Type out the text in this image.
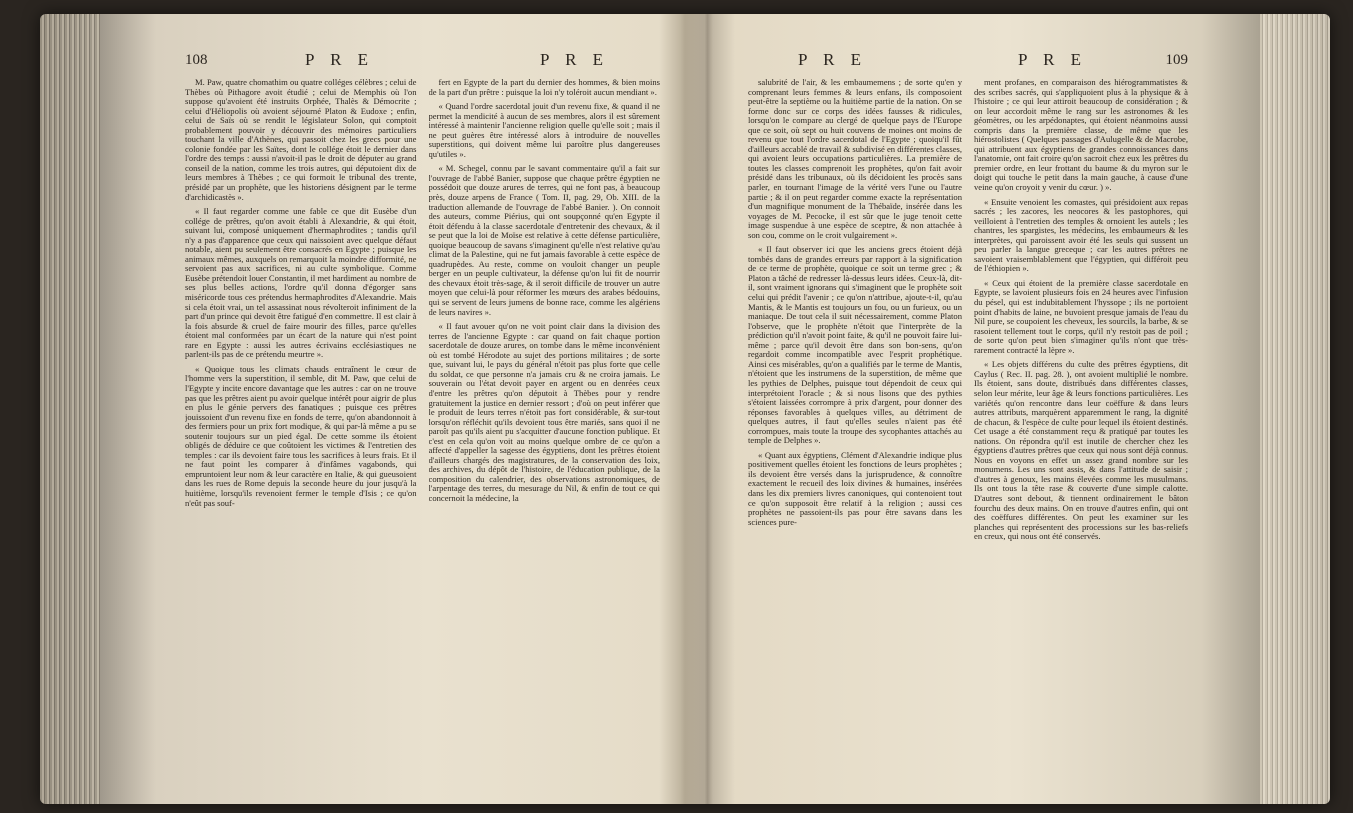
108	P R E	P R E

M. Paw, quatre chomathim ou quatre colléges célèbres ; celui de Thèbes où Pithagore avoit étudié ; celui de Memphis où l'on suppose qu'avoient été instruits Orphée, Thalès & Démocrite ; celui d'Héliopolis où avoient séjourné Platon & Eudoxe ; enfin, celui de Saïs où se rendit le législateur Solon, qui comptoit probablement pouvoir y découvrir des mémoires particuliers touchant la ville d'Athènes, qui passoit chez les grecs pour une colonie fondée par les Saïtes, dont le collége étoit le dernier dans l'ordre des temps : aussi n'avoit-il pas le droit de députer au grand conseil de la nation, comme les trois autres, qui députoient dix de leurs membres à Thèbes ; ce qui formoit le tribunal des trente, présidé par un prophète, que les historiens désignent par le terme d'archidicastès ».

« Il faut regarder comme une fable ce que dit Eusèbe d'un collége de prêtres, qu'on avoit établi à Alexandrie, & qui étoit, suivant lui, composé uniquement d'hermaphrodites ; tandis qu'il n'y a pas d'apparence que ceux qui naissoient avec quelque défaut notable, aient pu seulement être consacrés en Egypte ; puisque les animaux mêmes, auxquels on remarquoit la moindre difformité, ne servoient pas aux sacrifices, ni au culte symbolique. Comme Eusèbe prétendoit louer Constantin, il met hardiment au nombre de ses plus belles actions, l'ordre qu'il donna d'égorger sans miséricorde tous ces prétendus hermaphrodites d'Alexandrie. Mais si cela étoit vrai, un tel assassinat nous révolteroit infiniment de la part d'un prince qui devoit être fatigué d'en commettre. Il est clair à la fois absurde & cruel de faire mourir des filles, parce qu'elles étoient mal conformées par un écart de la nature qui n'est point rare en Egypte : aussi les autres écrivains ecclésiastiques ne parlent-ils pas de ce prétendu meurtre ».

« Quoique tous les climats chauds entraînent le cœur de l'homme vers la superstition, il semble, dit M. Paw, que celui de l'Egypte y incite encore davantage que les autres : car on ne trouve pas que les prêtres aient pu avoir quelque intérêt pour aigrir de plus en plus le génie pervers des fanatiques ; puisque ces prêtres jouissoient d'un revenu fixe en fonds de terre, qu'on abandonnoit à des fermiers pour un prix fort modique, & qui par-là même a pu se soutenir toujours sur un pied égal. De cette somme ils étoient obligés de déduire ce que coûtoient les victimes & l'entretien des temples : car ils devoient faire tous les sacrifices à leurs frais. Et il ne faut point les comparer à d'infâmes vagabonds, qui empruntoient leur nom & leur caractère en Italie, & qui gueusoient dans les rues de Rome depuis la seconde heure du jour jusqu'à la huitième, lorsqu'ils revenoient fermer le temple d'Isis ; ce qu'on n'eût pas souf-

fert en Egypte de la part du dernier des hommes, & bien moins de la part d'un prêtre : puisque la loi n'y toléroit aucun mendiant ».

« Quand l'ordre sacerdotal jouit d'un revenu fixe, & quand il ne permet la mendicité à aucun de ses membres, alors il est sûrement intéressé à maintenir l'ancienne religion quelle qu'elle soit ; mais il ne peut guères être intéressé alors à introduire de nouvelles superstitions, qui doivent même lui paroître plus dangereuses qu'utiles ».

« M. Schegel, connu par le savant commentaire qu'il a fait sur l'ouvrage de l'abbé Banier, suppose que chaque prêtre égyptien ne possédoit que douze arures de terres, qui ne font pas, à beaucoup près, douze arpens de France ( Tom. II, pag. 29, Ob. XIII. de la traduction allemande de l'ouvrage de l'abbé Banier. ). On connoit des auteurs, comme Piérius, qui ont soupçonné qu'en Egypte il étoit défendu à la classe sacerdotale d'entretenir des chevaux, & il se peut que la loi de Moïse est relative à cette défense particulière, quoique beaucoup de savans s'imaginent qu'elle n'est relative qu'au climat de la Palestine, qui ne fut jamais favorable à cette espèce de quadrupèdes. Au reste, comme on vouloit changer un peuple berger en un peuple cultivateur, la défense qu'on lui fit de nourrir des chevaux étoit très-sage, & il seroit difficile de trouver un autre moyen que celui-là pour réformer les mœurs des arabes bédouins, qui se servent de leurs jumens de bonne race, comme les algériens de leurs navires ».

« Il faut avouer qu'on ne voit point clair dans la division des terres de l'ancienne Egypte : car quand on fait chaque portion sacerdotale de douze arures, on tombe dans le même inconvénient où est tombé Hérodote au sujet des portions militaires ; de sorte que, suivant lui, le pays du général n'étoit pas plus forte que celle du soldat, ce que personne n'a jamais cru & ne croira jamais. Le souverain ou l'état devoit payer en argent ou en denrées ceux d'entre les prêtres qu'on députoit à Thèbes pour y rendre gratuitement la justice en dernier ressort ; d'où on peut inférer que le produit de leurs terres n'étoit pas fort considérable, & sur-tout lorsqu'on réfléchit qu'ils devoient tous être mariés, sans quoi il ne paroît pas qu'ils aient pu s'acquitter d'aucune fonction publique. Et c'est en cela qu'on voit au moins quelque ombre de ce qu'on a affecté d'appeller la sagesse des égyptiens, dont les prêtres étoient d'ailleurs chargés des magistratures, de la conservation des loix, des archives, du dépôt de l'histoire, de l'éducation publique, de la composition du calendrier, des observations astronomiques, de l'arpentage des terres, du mesurage du Nil, & enfin de tout ce qui concernoit la médecine, la

P R E	P R E	109

salubrité de l'air, & les embaumemens ; de sorte qu'en y comprenant leurs femmes & leurs enfans, ils composoient peut-être la septième ou la huitième partie de la nation. On se forme donc sur ce corps des idées fausses & ridicules, lorsqu'on le compare au clergé de quelque pays de l'Europe que ce soit, où sept ou huit couvens de moines ont moins de revenu que tout l'ordre sacerdotal de l'Egypte ; quoiqu'il fût d'ailleurs accablé de travail & subdivisé en différentes classes, qui avoient leurs occupations particulières. La première de toutes les classes comprenoit les prophètes, qu'on fait avoir présidé dans les tribunaux, où ils décidoient les procès sans parler, en tournant l'image de la vérité vers l'une ou l'autre partie ; & il on peut regarder comme exacte la représentation d'un magnifique monument de la Thébaïde, insérée dans les voyages de M. Pecocke, il est sûr que le juge tenoit cette image suspendue à une espèce de sceptre, & non attachée à son cou, comme on le croit vulgairement ».

« Il faut observer ici que les anciens grecs étoient déjà tombés dans de grandes erreurs par rapport à la signification de ce terme de prophète, quoique ce soit un terme grec ; & Platon a tâché de redresser là-dessus leurs idées. Ceux-là, dit-il, sont vraiment ignorans qui s'imaginent que le prophète soit celui qui prédit l'avenir ; ce qu'on n'attribue, ajoute-t-il, qu'au Mantis, & le Mantis est toujours un fou, ou un furieux, ou un maniaque. De tout cela il suit nécessairement, comme Platon l'observe, que le prophète n'étoit que l'interprète de la prédiction qu'il n'avoit point faite, & qu'il ne pouvoit faire lui-même ; parce qu'il devoit être dans son bon-sens, qu'on regardoit comme incompatible avec l'esprit prophétique. Ainsi ces misérables, qu'on a qualifiés par le terme de Mantis, n'étoient que les instrumens de la superstition, de même que les pythies de Delphes, puisque tout dépendoit de ceux qui interprétoient l'oracle ; & si nous lisons que des pythies s'étoient laissées corrompre à prix d'argent, pour donner des réponses favorables à quelques villes, au détriment de quelques autres, il faut qu'elles seules n'aient pas été corrompues, mais toute la troupe des sycophantes attachés au temple de Delphes ».

« Quant aux égyptiens, Clément d'Alexandrie indique plus positivement quelles étoient les fonctions de leurs prophètes ; ils devoient être versés dans la jurisprudence, & connoître exactement le recueil des loix divines & humaines, insérées dans les dix premiers livres canoniques, qui contenoient tout ce qu'on supposoit être relatif à la religion ; aussi ces prophètes ne passoient-ils pas pour être savans dans les sciences pure-

ment profanes, en comparaison des hiérogrammatistes & des scribes sacrés, qui s'appliquoient plus à la physique & à l'histoire ; ce qui leur attiroit beaucoup de considération ; & on leur accordoit même le rang sur les astronomes & les géomètres, ou les arpédonaptes, qui étoient néanmoins aussi compris dans la première classe, de même que les hiérostolistes ( Quelques passages d'Aulugelle & de Macrobe, qui attribuent aux égyptiens de grandes connoissances dans l'anatomie, ont fait croire qu'on sacroit chez eux les prêtres du premier ordre, en leur frottant du baume & du myron sur le doigt qui touche le petit dans la main gauche, à cause d'une veine qu'on croyoit y venir du cœur. ) ».

« Ensuite venoient les comastes, qui présidoient aux repas sacrés ; les zacores, les neocores & les pastophores, qui veilloient à l'entretien des temples & ornoient les autels ; les chantres, les spargistes, les médecins, les embaumeurs & les interprètes, qui paroissent avoir été les seuls qui sussent un peu parler la langue greceque ; car les autres prêtres ne savoient vraisemblablement que l'égyptien, qui différoit peu de l'éthiopien ».

« Ceux qui étoient de la première classe sacerdotale en Egypte, se lavoient plusieurs fois en 24 heures avec l'infusion du pésel, qui est indubitablement l'hyssope ; ils ne portoient point d'habits de laine, ne buvoient presque jamais de l'eau du Nil pure, se coupoient les cheveux, les sourcils, la barbe, & se rasoient tellement tout le corps, qu'il n'y restoit pas de poil ; de sorte qu'on peut bien s'imaginer qu'ils n'ont que très-rarement contracté la lèpre ».

« Les objets différens du culte des prêtres égyptiens, dit Caylus ( Rec. II. pag. 28. ), ont avoient multiplié le nombre. Ils étoient, sans doute, distribués dans différentes classes, selon leur mérite, leur âge & leurs fonctions particulières. Les variétés qu'on rencontre dans leur coëffure & dans leurs autres attributs, marquèrent apparemment le rang, la dignité de chacun, & l'espèce de culte pour lequel ils étoient destinés. Cet usage a été constamment reçu & pratiqué par toutes les nations. On répondra qu'il est inutile de chercher chez les égyptiens d'autres prêtres que ceux qui nous sont déjà connus. Nous en voyons en effet un assez grand nombre sur les monumens. Les uns sont assis, & dans l'attitude de saisir ; d'autres à genoux, les mains élevées comme les musulmans. Ils ont tous la tête rase & couverte d'une simple calotte. D'autres sont debout, & tiennent ordinairement le bâton fourchu des deux mains. On en trouve d'autres enfin, qui ont des coëffures différentes. On peut les examiner sur les planches qui représentent des processions sur les bas-reliefs en creux, qui nous ont été conservés.
